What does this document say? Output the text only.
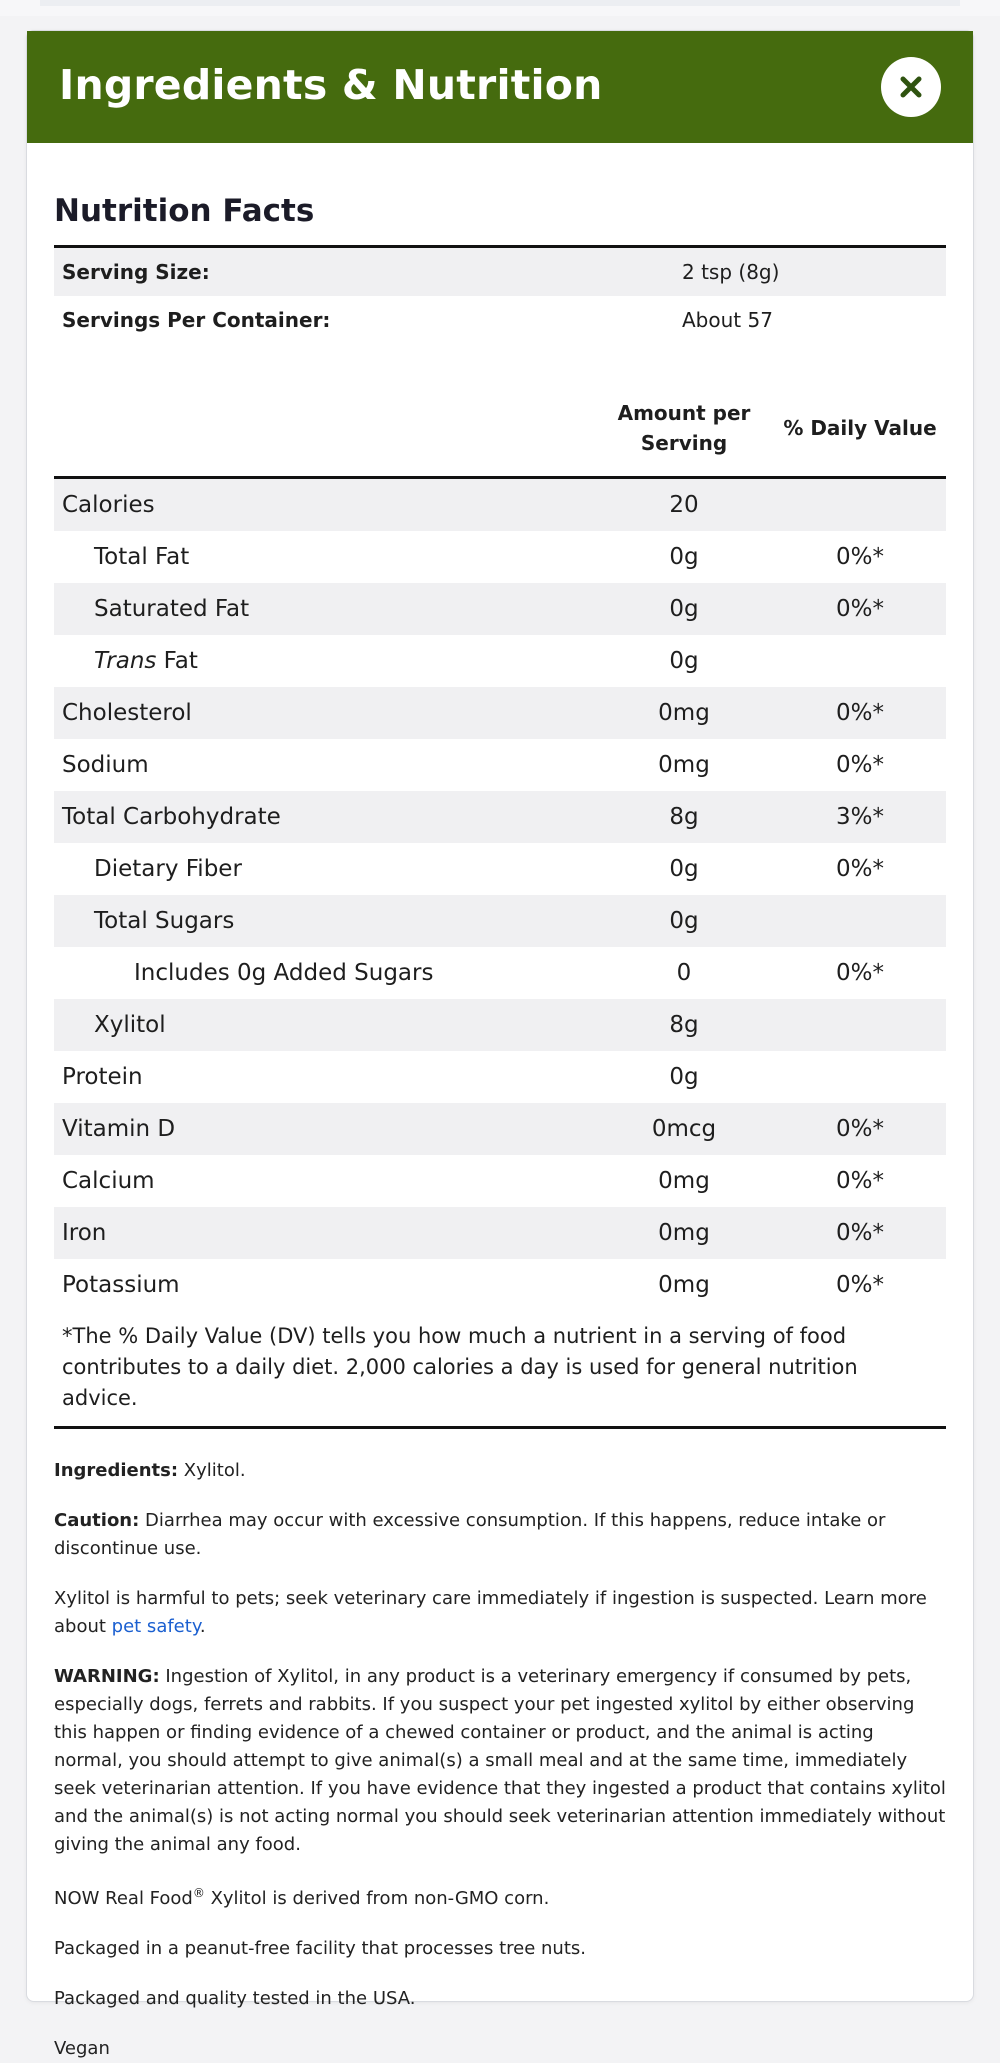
Ingredients & Nutrition
Nutrition Facts
Serving Size:	2 tsp (8g)
Servings Per Container:	About 57
Amount per
Serving
% Daily Value
Calories	20
Total Fat	0g	0%*
Saturated Fat	0g	0%*
Trans Fat	0g
Cholesterol	0mg	0%*
Sodium	0mg	0%*
Total Carbohydrate	8g	3%*
Dietary Fiber	0g	0%*
Total Sugars	0g
Includes 0g Added Sugars	0	0%*
Xylitol	8g
Protein	0g
Vitamin D	0mcg	0%*
Calcium	0mg	0%*
Iron	0mg	0%*
Potassium	0mg	0%*
*The % Daily Value (DV) tells you how much a nutrient in a serving of food contributes to a daily diet. 2,000 calories a day is used for general nutrition advice.

Ingredients: Xylitol.

Caution: Diarrhea may occur with excessive consumption. If this happens, reduce intake or discontinue use.

Xylitol is harmful to pets; seek veterinary care immediately if ingestion is suspected. Learn more about pet safety.

WARNING: Ingestion of Xylitol, in any product is a veterinary emergency if consumed by pets, especially dogs, ferrets and rabbits. If you suspect your pet ingested xylitol by either observing this happen or finding evidence of a chewed container or product, and the animal is acting normal, you should attempt to give animal(s) a small meal and at the same time, immediately seek veterinarian attention. If you have evidence that they ingested a product that contains xylitol and the animal(s) is not acting normal you should seek veterinarian attention immediately without giving the animal any food.

NOW Real Food® Xylitol is derived from non-GMO corn.

Packaged in a peanut-free facility that processes tree nuts.

Packaged and quality tested in the USA.

Vegan
